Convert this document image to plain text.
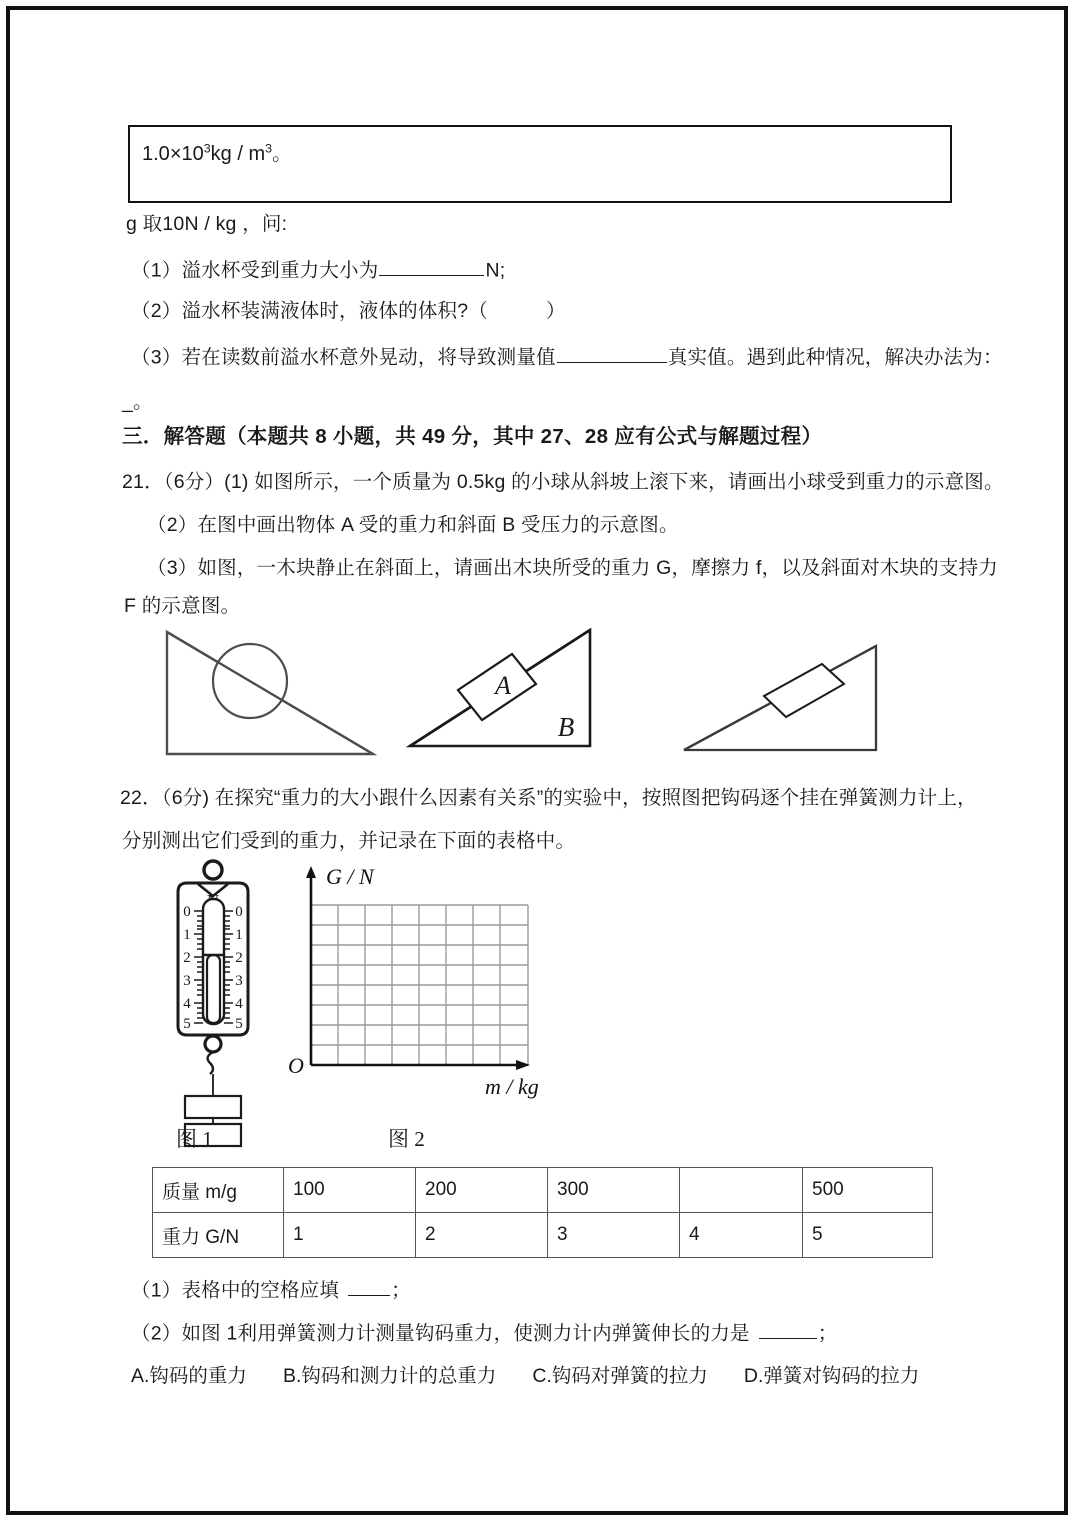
$1.0\times 10^3kg / m^3$。
g 取10N / kg ，问:
（1）溢水杯受到重力大小为	N;
（2）溢水杯装满液体时，液体的体积?（	）
（3）若在读数前溢水杯意外晃动，将导致测量值	真实值。遇到此种情况，解决办法为：
_。
三．解答题（本题共 8 小题，共 49 分，其中 27、28 应有公式与解题过程）
21．（6分）(1) 如图所示，一个质量为 0.5kg 的小球从斜坡上滚下来，请画出小球受到重力的示意图。
（2）在图中画出物体 A 受的重力和斜面 B 受压力的示意图。
（3）如图，一木块静止在斜面上，请画出木块所受的重力 G，摩擦力 f，以及斜面对木块的支持力
F 的示意图。
A
B
22．（6分) 在探究“重力的大小跟什么因素有关系”的实验中，按照图把钩码逐个挂在弹簧测力计上，
分别测出它们受到的重力，并记录在下面的表格中。
0
1
2
3
4
5
0
1
2
3
4
5
G / N
m / kg
O
图 1	图 2
质量 m/g	100	200	300		500
重力 G/N	1	2	3	4	5
（1）表格中的空格应填	；
（2）如图 1利用弹簧测力计测量钩码重力，使测力计内弹簧伸长的力是	；
A.钩码的重力 B.钩码和测力计的总重力 C.钩码对弹簧的拉力 D.弹簧对钩码的拉力
